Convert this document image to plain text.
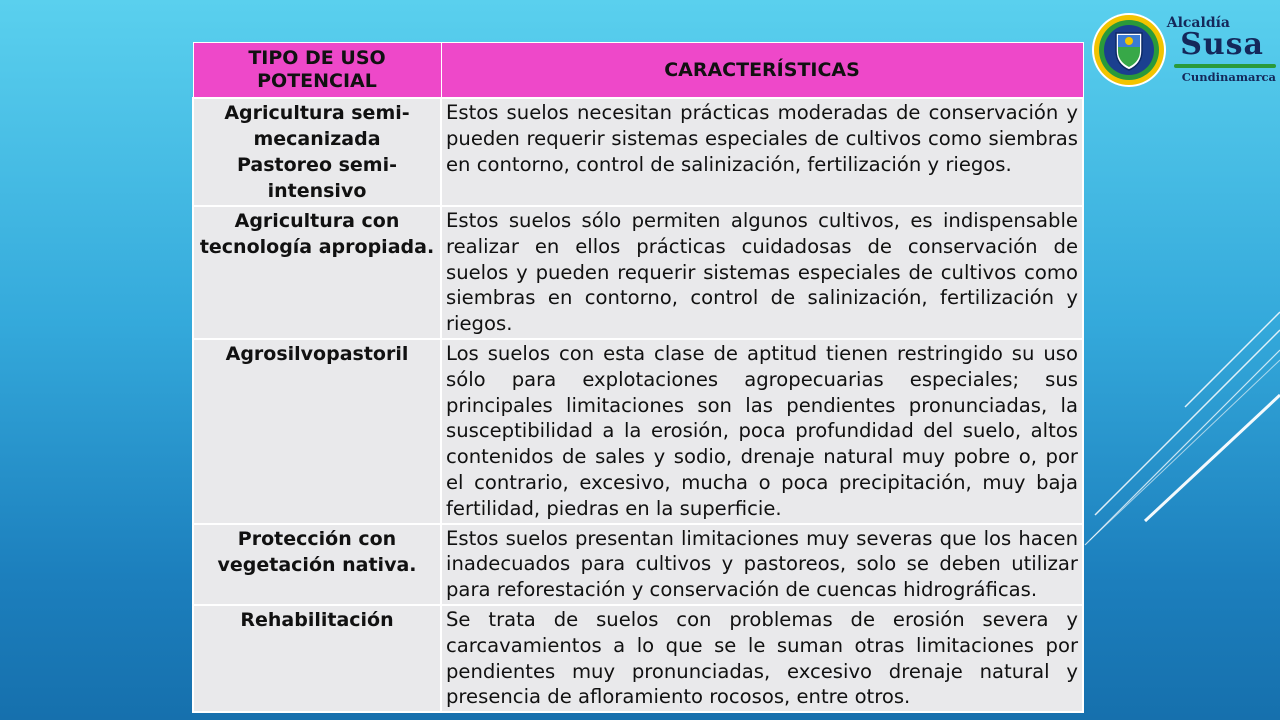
TIPO DE USO POTENCIAL	CARACTERÍSTICAS

Agricultura semi-mecanizada
Pastoreo semi-intensivo	Estos suelos necesitan prácticas moderadas de conservación y pueden requerir sistemas especiales de cultivos como siembras en contorno, control de salinización, fertilización y riegos.

Agricultura con tecnología apropiada.	Estos suelos sólo permiten algunos cultivos, es indispensable realizar en ellos prácticas cuidadosas de conservación de suelos y pueden requerir sistemas especiales de cultivos como siembras en contorno, control de salinización, fertilización y riegos.

Agrosilvopastoril	Los suelos con esta clase de aptitud tienen restringido su uso sólo para explotaciones agropecuarias especiales; sus principales limitaciones son las pendientes pronunciadas, la susceptibilidad a la erosión, poca profundidad del suelo, altos contenidos de sales y sodio, drenaje natural muy pobre o, por el contrario, excesivo, mucha o poca precipitación, muy baja fertilidad, piedras en la superficie.

Protección con vegetación nativa.	Estos suelos presentan limitaciones muy severas que los hacen inadecuados para cultivos y pastoreos, solo se deben utilizar para reforestación y conservación de cuencas hidrográficas.

Rehabilitación	Se trata de suelos con problemas de erosión severa y carcavamientos a lo que se le suman otras limitaciones por pendientes muy pronunciadas, excesivo drenaje natural y presencia de afloramiento rocosos, entre otros.
Alcaldía
Susa
Cundinamarca
